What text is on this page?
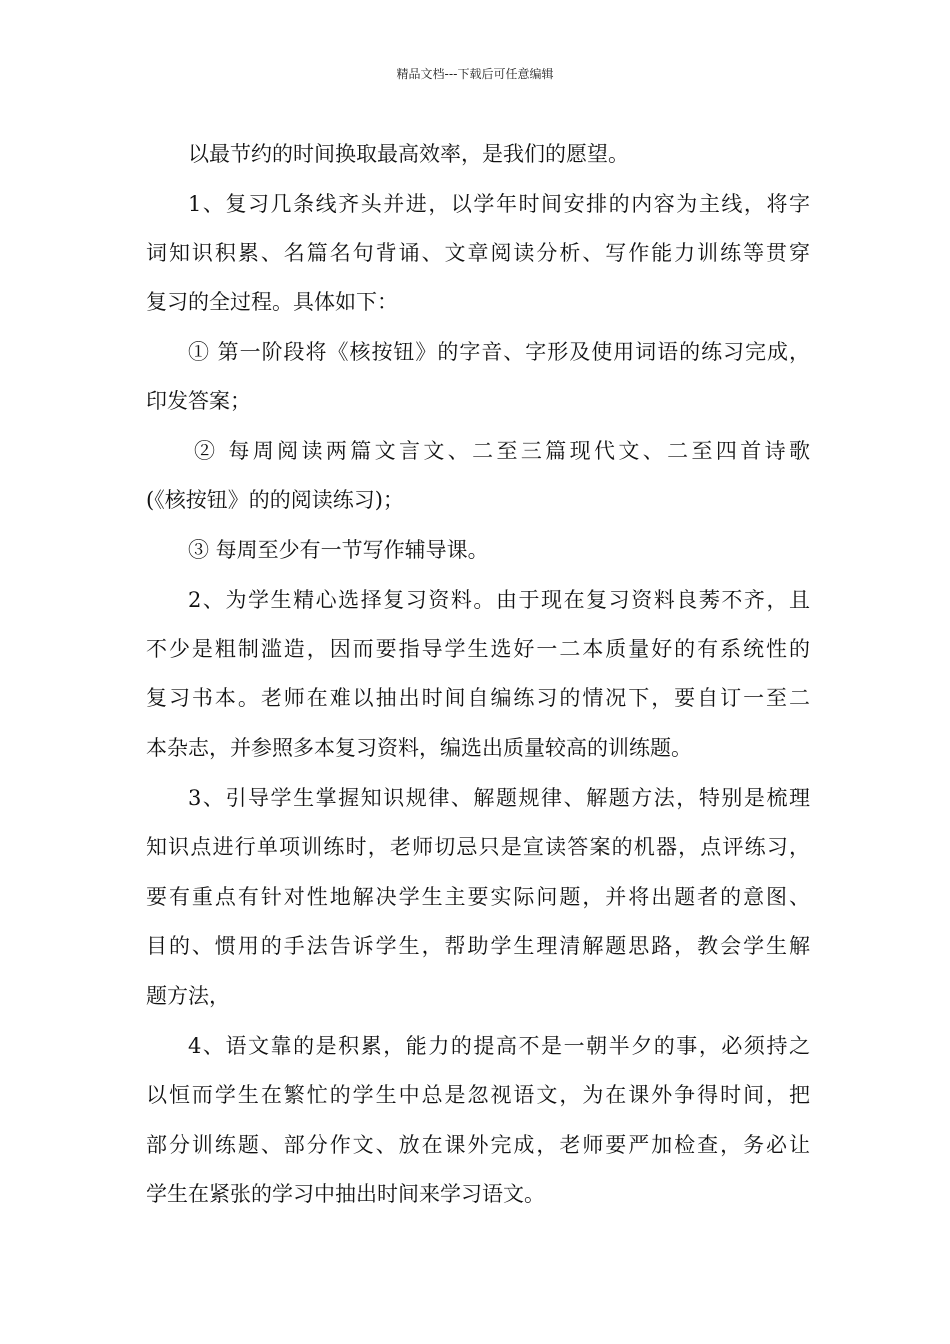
精品文档---下载后可任意编辑
以最节约的时间换取最高效率，是我们的愿望。
1、复习几条线齐头并进，以学年时间安排的内容为主线，将字
词知识积累、名篇名句背诵、文章阅读分析、写作能力训练等贯穿
复习的全过程。具体如下：
① 第一阶段将《核按钮》的字音、字形及使用词语的练习完成，
印发答案；
② 每周阅读两篇文言文、二至三篇现代文、二至四首诗歌
(《核按钮》的的阅读练习)；
③ 每周至少有一节写作辅导课。
2、为学生精心选择复习资料。由于现在复习资料良莠不齐，且
不少是粗制滥造，因而要指导学生选好一二本质量好的有系统性的
复习书本。老师在难以抽出时间自编练习的情况下，要自订一至二
本杂志，并参照多本复习资料，编选出质量较高的训练题。
3、引导学生掌握知识规律、解题规律、解题方法，特别是梳理
知识点进行单项训练时，老师切忌只是宣读答案的机器，点评练习，
要有重点有针对性地解决学生主要实际问题，并将出题者的意图、
目的、惯用的手法告诉学生，帮助学生理清解题思路，教会学生解
题方法，
4、语文靠的是积累，能力的提高不是一朝半夕的事，必须持之
以恒而学生在繁忙的学生中总是忽视语文，为在课外争得时间，把
部分训练题、部分作文、放在课外完成，老师要严加检查，务必让
学生在紧张的学习中抽出时间来学习语文。
